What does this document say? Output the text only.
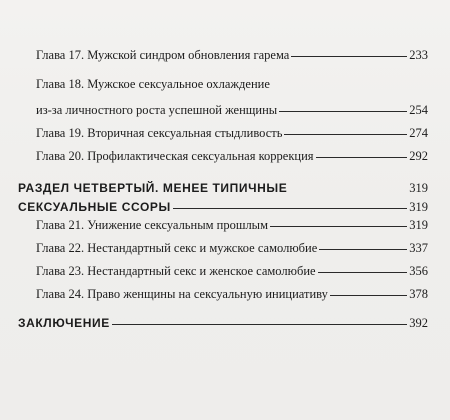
Глава 17. Мужской синдром обновления гарема	233
Глава 18. Мужское сексуальное охлаждение
из-за личностного роста успешной женщины	254
Глава 19. Вторичная сексуальная стыдливость	274
Глава 20. Профилактическая сексуальная коррекция	292
РАЗДЕЛ ЧЕТВЕРТЫЙ. МЕНЕЕ ТИПИЧНЫЕ	319
СЕКСУАЛЬНЫЕ ССОРЫ	319
Глава 21. Унижение сексуальным прошлым	319
Глава 22. Нестандартный секс и мужское самолюбие	337
Глава 23. Нестандартный секс и женское самолюбие	356
Глава 24. Право женщины на сексуальную инициативу	378
ЗАКЛЮЧЕНИЕ	392
